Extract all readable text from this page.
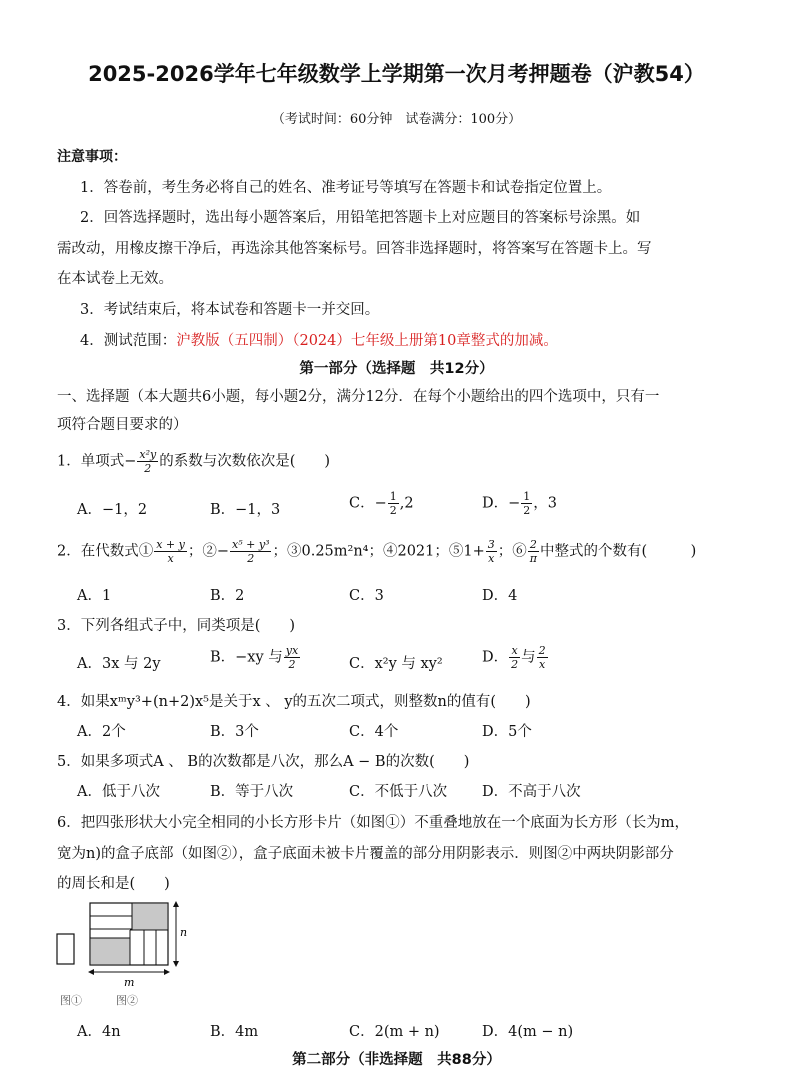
2025-2026学年七年级数学上学期第一次月考押题卷（沪教54）
（考试时间：60分钟　试卷满分：100分）
注意事项：
1．答卷前，考生务必将自己的姓名、准考证号等填写在答题卡和试卷指定位置上。
2．回答选择题时，选出每小题答案后，用铅笔把答题卡上对应题目的答案标号涂黑。如
需改动，用橡皮擦干净后，再选涂其他答案标号。回答非选择题时，将答案写在答题卡上。写
在本试卷上无效。
3．考试结束后，将本试卷和答题卡一并交回。
4．测试范围：沪教版（五四制）（2024）七年级上册第10章整式的加减。
第一部分（选择题　共12分）
一、选择题（本大题共6小题，每小题2分，满分12分．在每个小题给出的四个选项中，只有一
项符合题目要求的）
1．单项式− $\frac{\text{x²y}}{2}$ 的系数与次数依次是(　　)
A．−1，2	B．−1，3	C．− $\frac{1}{2} ,2$	D．− $\frac{1}{2}$ ，3
2．在代数式① $\frac{x + y}{x}$ ；②− $\frac{\text{x⁵ + y³}}{2}$ ；③0.25m²n⁴；④2021；⑤1+ $\frac{3}{x}$ ；⑥ $\frac{2}{\pi}$ 中整式的个数有(　　　)
A．1	B．2	C．3	D．4
3．下列各组式子中，同类项是(　　)
A．3x 与 2y	B．−xy 与 $\frac{yx}{2}$	C．x²y 与 xy²	D． $\frac{x}{2}$ 与 $\frac{2}{x}$
4．如果xᵐy³+(n+2)x⁵是关于x 、 y的五次二项式，则整数n的值有(　　)
A．2个	B．3个	C．4个	D．5个
5．如果多项式A 、 B的次数都是八次，那么A − B的次数(　　)
A．低于八次	B．等于八次	C．不低于八次 D．不高于八次
6．把四张形状大小完全相同的小长方形卡片（如图①）不重叠地放在一个底面为长方形（长为m，
宽为n)的盒子底部（如图②），盒子底面未被卡片覆盖的部分用阴影表示．则图②中两块阴影部分
的周长和是(　　)
n
m
图①	图②
A．4n	B．4m	C．2(m + n)	D．4(m − n)
第二部分（非选择题　共88分）
